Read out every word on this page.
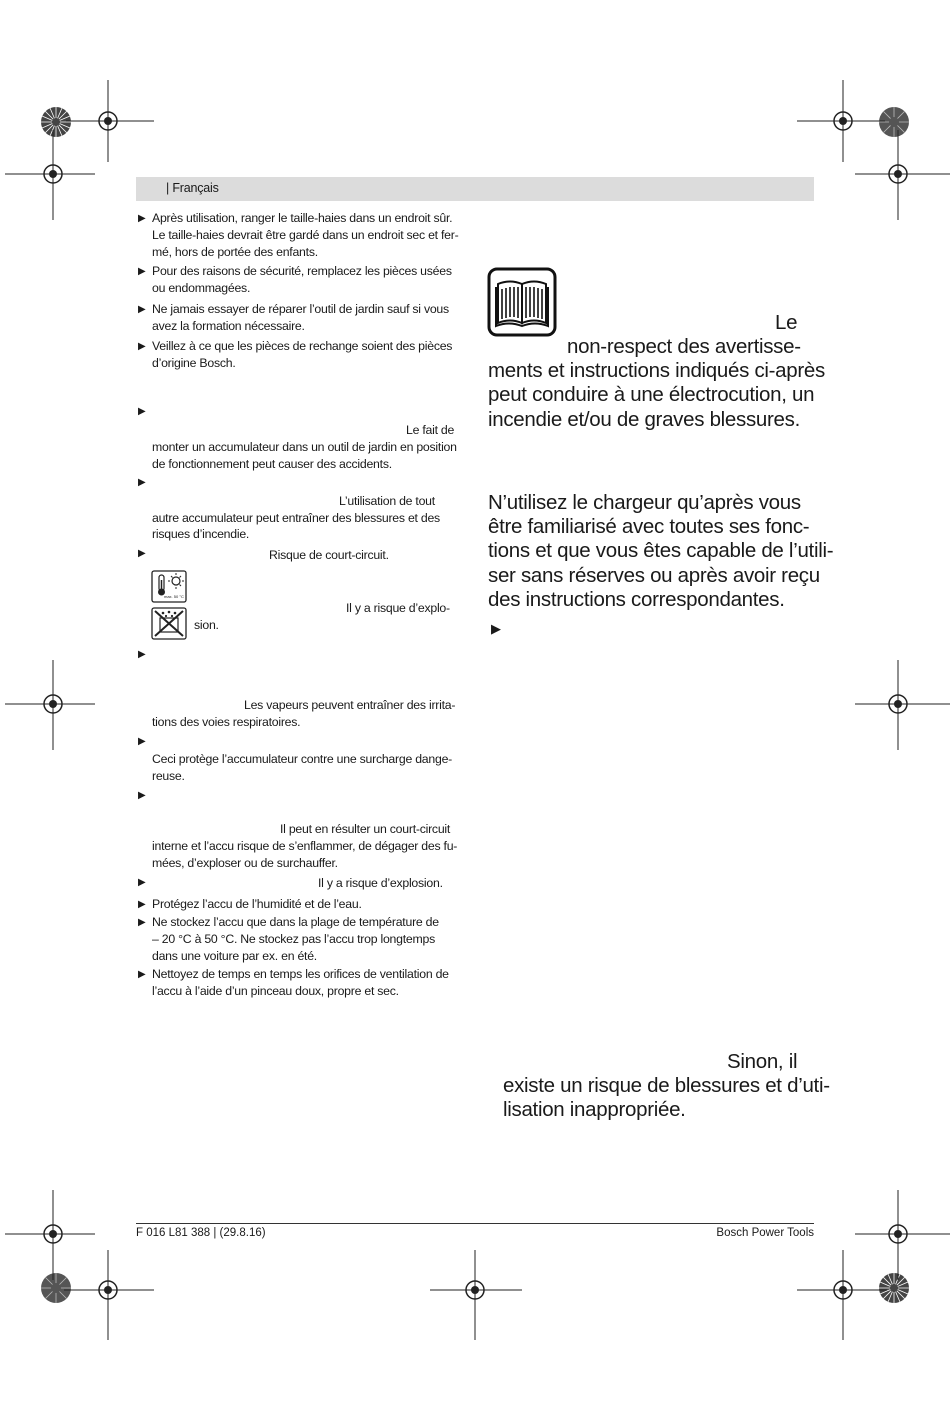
| Français
▶ Après utilisation, ranger le taille-haies dans un endroit sûr.
Le taille-haies devrait être gardé dans un endroit sec et fer-
mé, hors de portée des enfants.
▶ Pour des raisons de sécurité, remplacez les pièces usées
ou endommagées.
▶ Ne jamais essayer de réparer l’outil de jardin sauf si vous
avez la formation nécessaire.
▶ Veillez à ce que les pièces de rechange soient des pièces
d’origine Bosch.
▶
Le fait de
monter un accumulateur dans un outil de jardin en position
de fonctionnement peut causer des accidents.
▶
L’utilisation de tout
autre accumulateur peut entraîner des blessures et des
risques d’incendie.
▶	Risque de court-circuit.
max. 50 °C
Il y a risque d’explo-
sion.
▶
Les vapeurs peuvent entraîner des irrita-
tions des voies respiratoires.
▶
Ceci protège l’accumulateur contre une surcharge dange-
reuse.
▶
Il peut en résulter un court-circuit
interne et l’accu risque de s’enflammer, de dégager des fu-
mées, d’exploser ou de surchauffer.
▶	Il y a risque d’explosion.
▶ Protégez l’accu de l’humidité et de l’eau.
▶ Ne stockez l’accu que dans la plage de température de
– 20 °C à 50 °C. Ne stockez pas l’accu trop longtemps
dans une voiture par ex. en été.
▶ Nettoyez de temps en temps les orifices de ventilation de
l’accu à l’aide d’un pinceau doux, propre et sec.
Le
non-respect des avertisse-
ments et instructions indiqués ci-après
peut conduire à une électrocution, un
incendie et/ou de graves blessures.
N’utilisez le chargeur qu’après vous
être familiarisé avec toutes ses fonc-
tions et que vous êtes capable de l’utili-
ser sans réserves ou après avoir reçu
des instructions correspondantes.
▶
Sinon, il
existe un risque de blessures et d’uti-
lisation inappropriée.
F 016 L81 388 | (29.8.16)	Bosch Power Tools
